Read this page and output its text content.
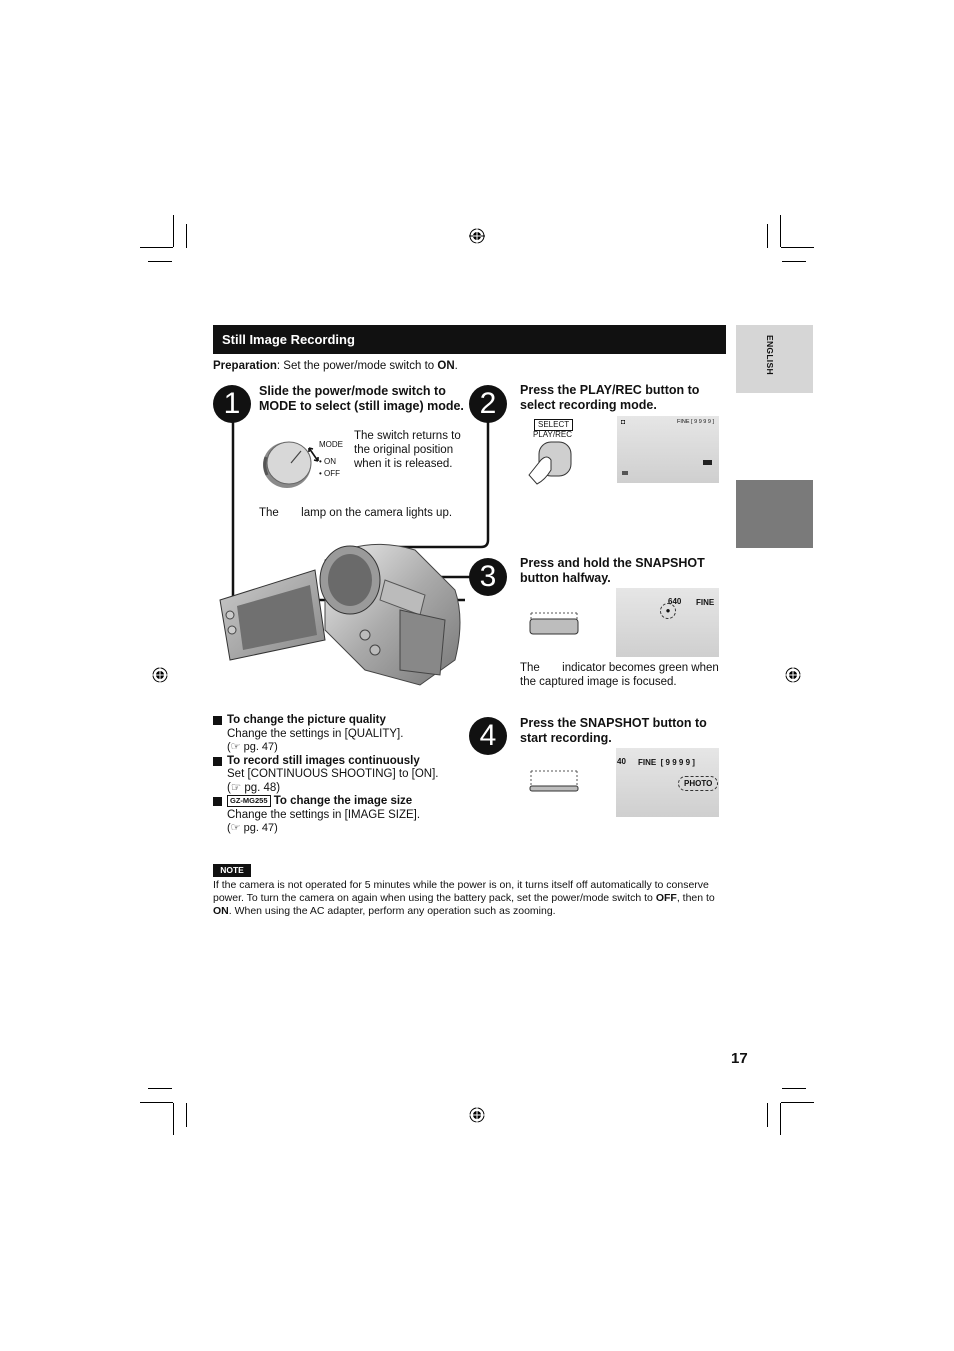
Still Image Recording	ENGLISH
Preparation: Set the power/mode switch to ON.
1	Slide the power/mode switch to MODE to select (still image) mode.
MODE
• ON
• OFF
The switch returns to the original position when it is released.
The       lamp on the camera lights up.
2	Press the PLAY/REC button to select recording mode.
SELECT
PLAY/REC
◘	FINE [ 9 9 9 9 ]
3	Press and hold the SNAPSHOT button halfway.
640 FINE
●
The       indicator becomes green when the captured image is focused.
4	Press the SNAPSHOT button to start recording.
40 FINE  [ 9 9 9 9 ]
PHOTO
To change the picture quality
Change the settings in [QUALITY].
(☞ pg. 47)
To record still images continuously
Set [CONTINUOUS SHOOTING] to [ON]. (☞ pg. 48)
GZ-MG255 To change the image size
Change the settings in [IMAGE SIZE].
(☞ pg. 47)
NOTE
If the camera is not operated for 5 minutes while the power is on, it turns itself off automatically to conserve power. To turn the camera on again when using the battery pack, set the power/mode switch to OFF, then to ON. When using the AC adapter, perform any operation such as zooming.
17
